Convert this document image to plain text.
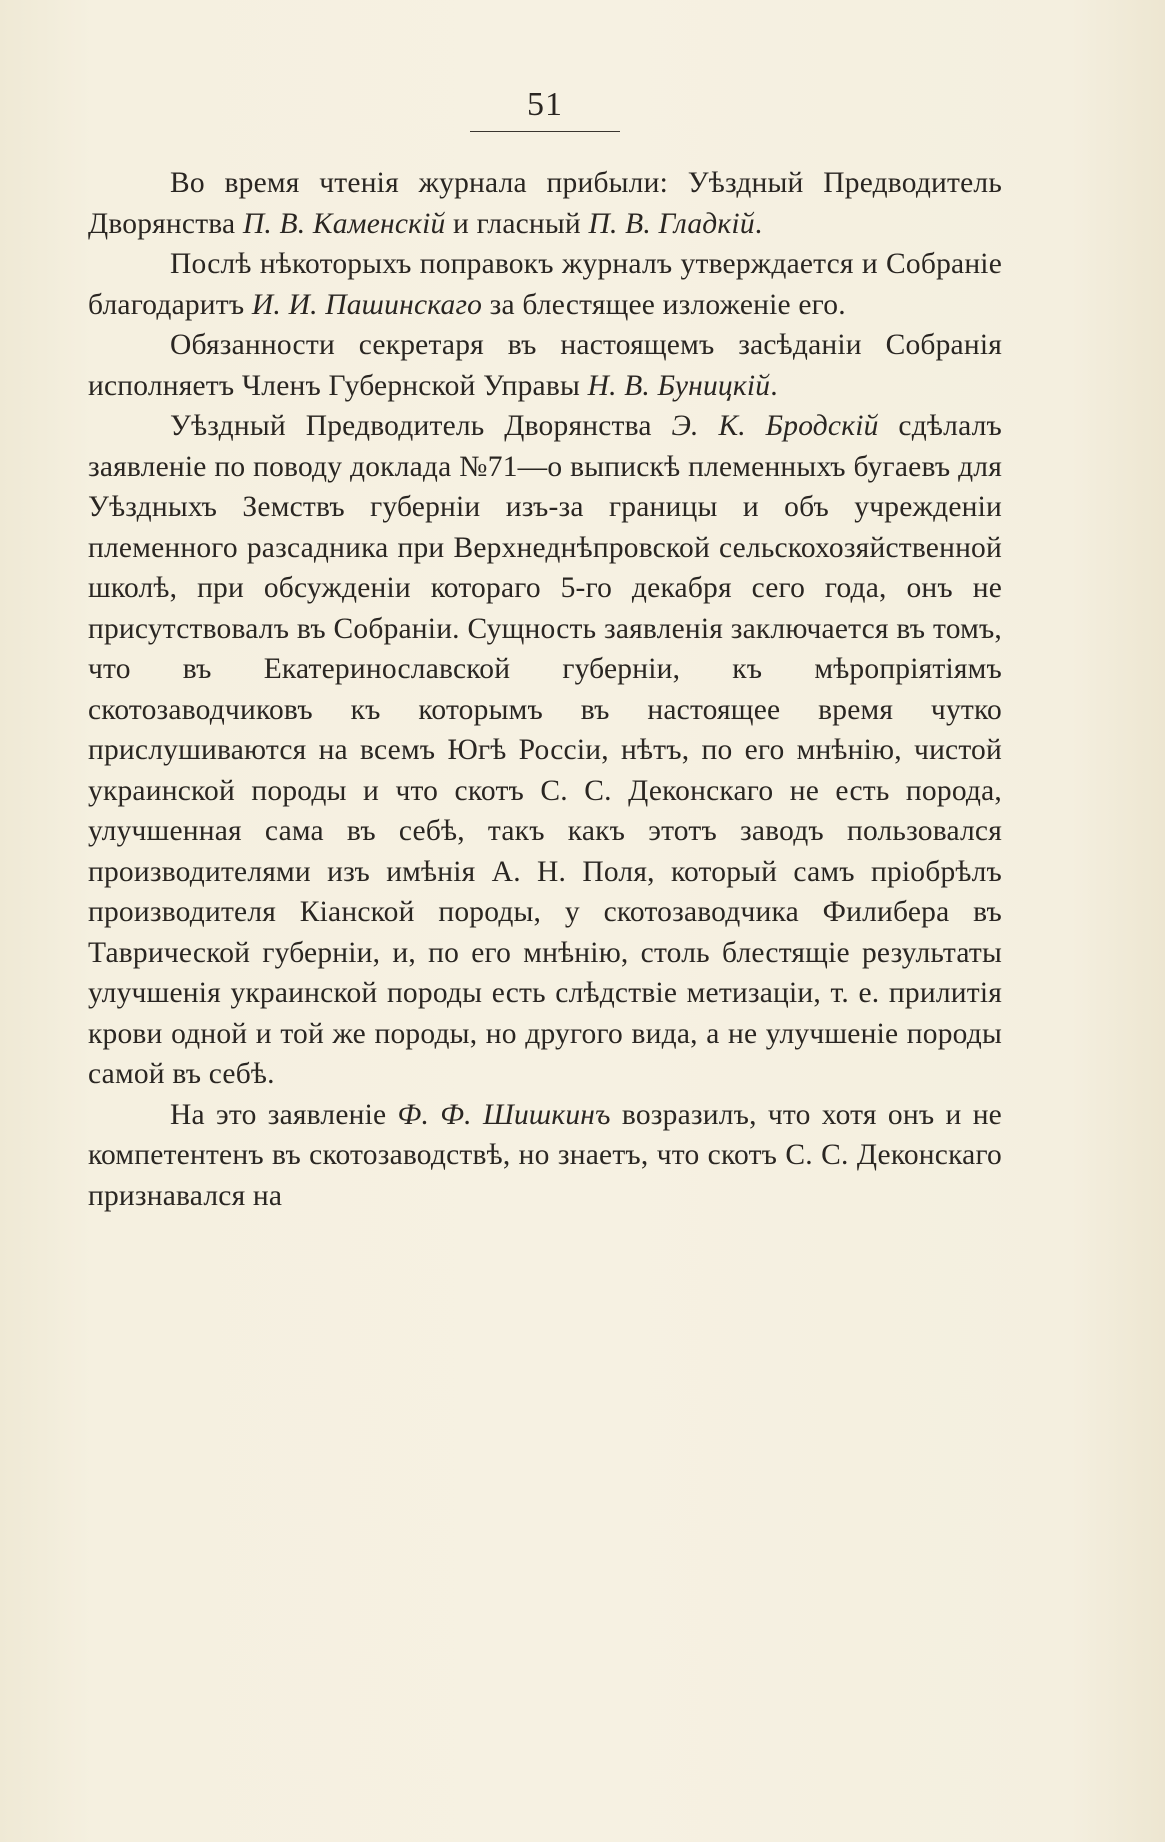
51

Во время чтенія журнала прибыли: Уѣздный Предводитель Дворянства П. В. Каменскій и гласный П. В. Гладкій.

Послѣ нѣкоторыхъ поправокъ журналъ утверждается и Собраніе благодаритъ И. И. Пашинскаго за блестящее изложеніе его.

Обязанности секретаря въ настоящемъ засѣданіи Собранія исполняетъ Членъ Губернской Управы Н. В. Буницкій.

Уѣздный Предводитель Дворянства Э. К. Бродскій сдѣлалъ заявленіе по поводу доклада №71—о выпискѣ племенныхъ бугаевъ для Уѣздныхъ Земствъ губерніи изъ-за границы и объ учрежденіи племенного разсадника при Верхнеднѣпровской сельскохозяйственной школѣ, при обсужденіи котораго 5-го декабря сего года, онъ не присутствовалъ въ Собраніи. Сущность заявленія заключается въ томъ, что въ Екатеринославской губерніи, къ мѣропріятіямъ скотозаводчиковъ къ которымъ въ настоящее время чутко прислушиваются на всемъ Югѣ Россіи, нѣтъ, по его мнѣнію, чистой украинской породы и что скотъ С. С. Деконскаго не есть порода, улучшенная сама въ себѣ, такъ какъ этотъ заводъ пользовался производителями изъ имѣнія А. Н. Поля, который самъ пріобрѣлъ производителя Кіанской породы, у скотозаводчика Филибера въ Таврической губерніи, и, по его мнѣнію, столь блестящіе результаты улучшенія украинской породы есть слѣдствіе метизаціи, т. е. прилитія крови одной и той же породы, но другого вида, а не улучшеніе породы самой въ себѣ.

На это заявленіе Ф. Ф. Шишкинъ возразилъ, что хотя онъ и не компетентенъ въ скотозаводствѣ, но знаетъ, что скотъ С. С. Деконскаго признавался на
